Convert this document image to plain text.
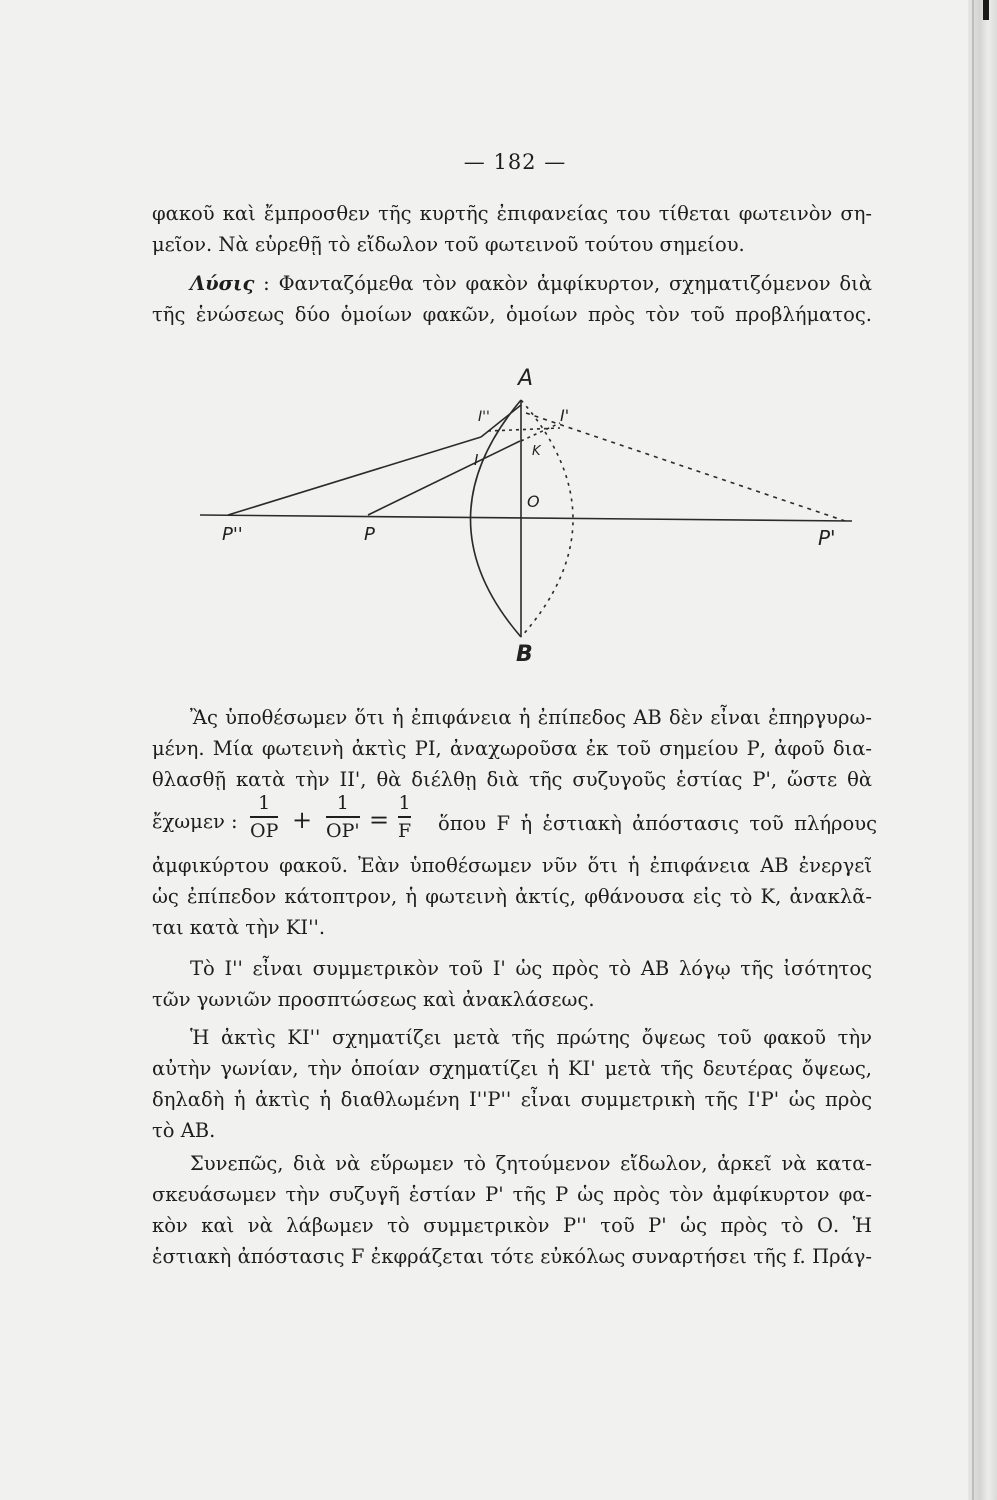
— 182 —

φακοῦ καὶ ἔμπροσθεν τῆς κυρτῆς ἐπιφανείας του τίθεται φωτεινὸν ση-

μεῖον. Νὰ εὑρεθῇ τὸ εἴδωλον τοῦ φωτεινοῦ τούτου σημείου.

Λύσις : Φανταζόμεθα τὸν φακὸν ἀμφίκυρτον, σχηματιζόμενον διὰ

τῆς ἑνώσεως δύο ὁμοίων φακῶν, ὁμοίων πρὸς τὸν τοῦ προβλήματος.

A
I''	I'
I	K
O
P''	P	P'
B

Ἂς ὑποθέσωμεν ὅτι ἡ ἐπιφάνεια ἡ ἐπίπεδος ΑΒ δὲν εἶναι ἐπηργυρω-

μένη. Μία φωτεινὴ ἀκτὶς ΡΙ, ἀναχωροῦσα ἐκ τοῦ σημείου Ρ, ἀφοῦ δια-

θλασθῇ κατὰ τὴν ΙΙ', θὰ διέλθῃ διὰ τῆς συζυγοῦς ἑστίας Ρ', ὥστε θὰ

ἔχωμεν :
1
OP +
1
OP' =
1
F ὅπου F ἡ ἑστιακὴ ἀπόστασις τοῦ πλήρους

ἀμφικύρτου φακοῦ. Ἐὰν ὑποθέσωμεν νῦν ὅτι ἡ ἐπιφάνεια ΑΒ ἐνεργεῖ

ὡς ἐπίπεδον κάτοπτρον, ἡ φωτεινὴ ἀκτίς, φθάνουσα εἰς τὸ Κ, ἀνακλᾶ-

ται κατὰ τὴν ΚΙ''.

Τὸ Ι'' εἶναι συμμετρικὸν τοῦ Ι' ὡς πρὸς τὸ ΑΒ λόγῳ τῆς ἰσότητος

τῶν γωνιῶν προσπτώσεως καὶ ἀνακλάσεως.

Ἡ ἀκτὶς ΚΙ'' σχηματίζει μετὰ τῆς πρώτης ὄψεως τοῦ φακοῦ τὴν

αὐτὴν γωνίαν, τὴν ὁποίαν σχηματίζει ἡ ΚΙ' μετὰ τῆς δευτέρας ὄψεως,

δηλαδὴ ἡ ἀκτὶς ἡ διαθλωμένη Ι''Ρ'' εἶναι συμμετρικὴ τῆς Ι'Ρ' ὡς πρὸς

τὸ ΑΒ.

Συνεπῶς, διὰ νὰ εὕρωμεν τὸ ζητούμενον εἴδωλον, ἀρκεῖ νὰ κατα-

σκευάσωμεν τὴν συζυγῆ ἑστίαν Ρ' τῆς Ρ ὡς πρὸς τὸν ἀμφίκυρτον φα-

κὸν καὶ νὰ λάβωμεν τὸ συμμετρικὸν Ρ'' τοῦ Ρ' ὡς πρὸς τὸ Ο. Ἡ

ἑστιακὴ ἀπόστασις F ἐκφράζεται τότε εὐκόλως συναρτήσει τῆς f. Πράγ-
